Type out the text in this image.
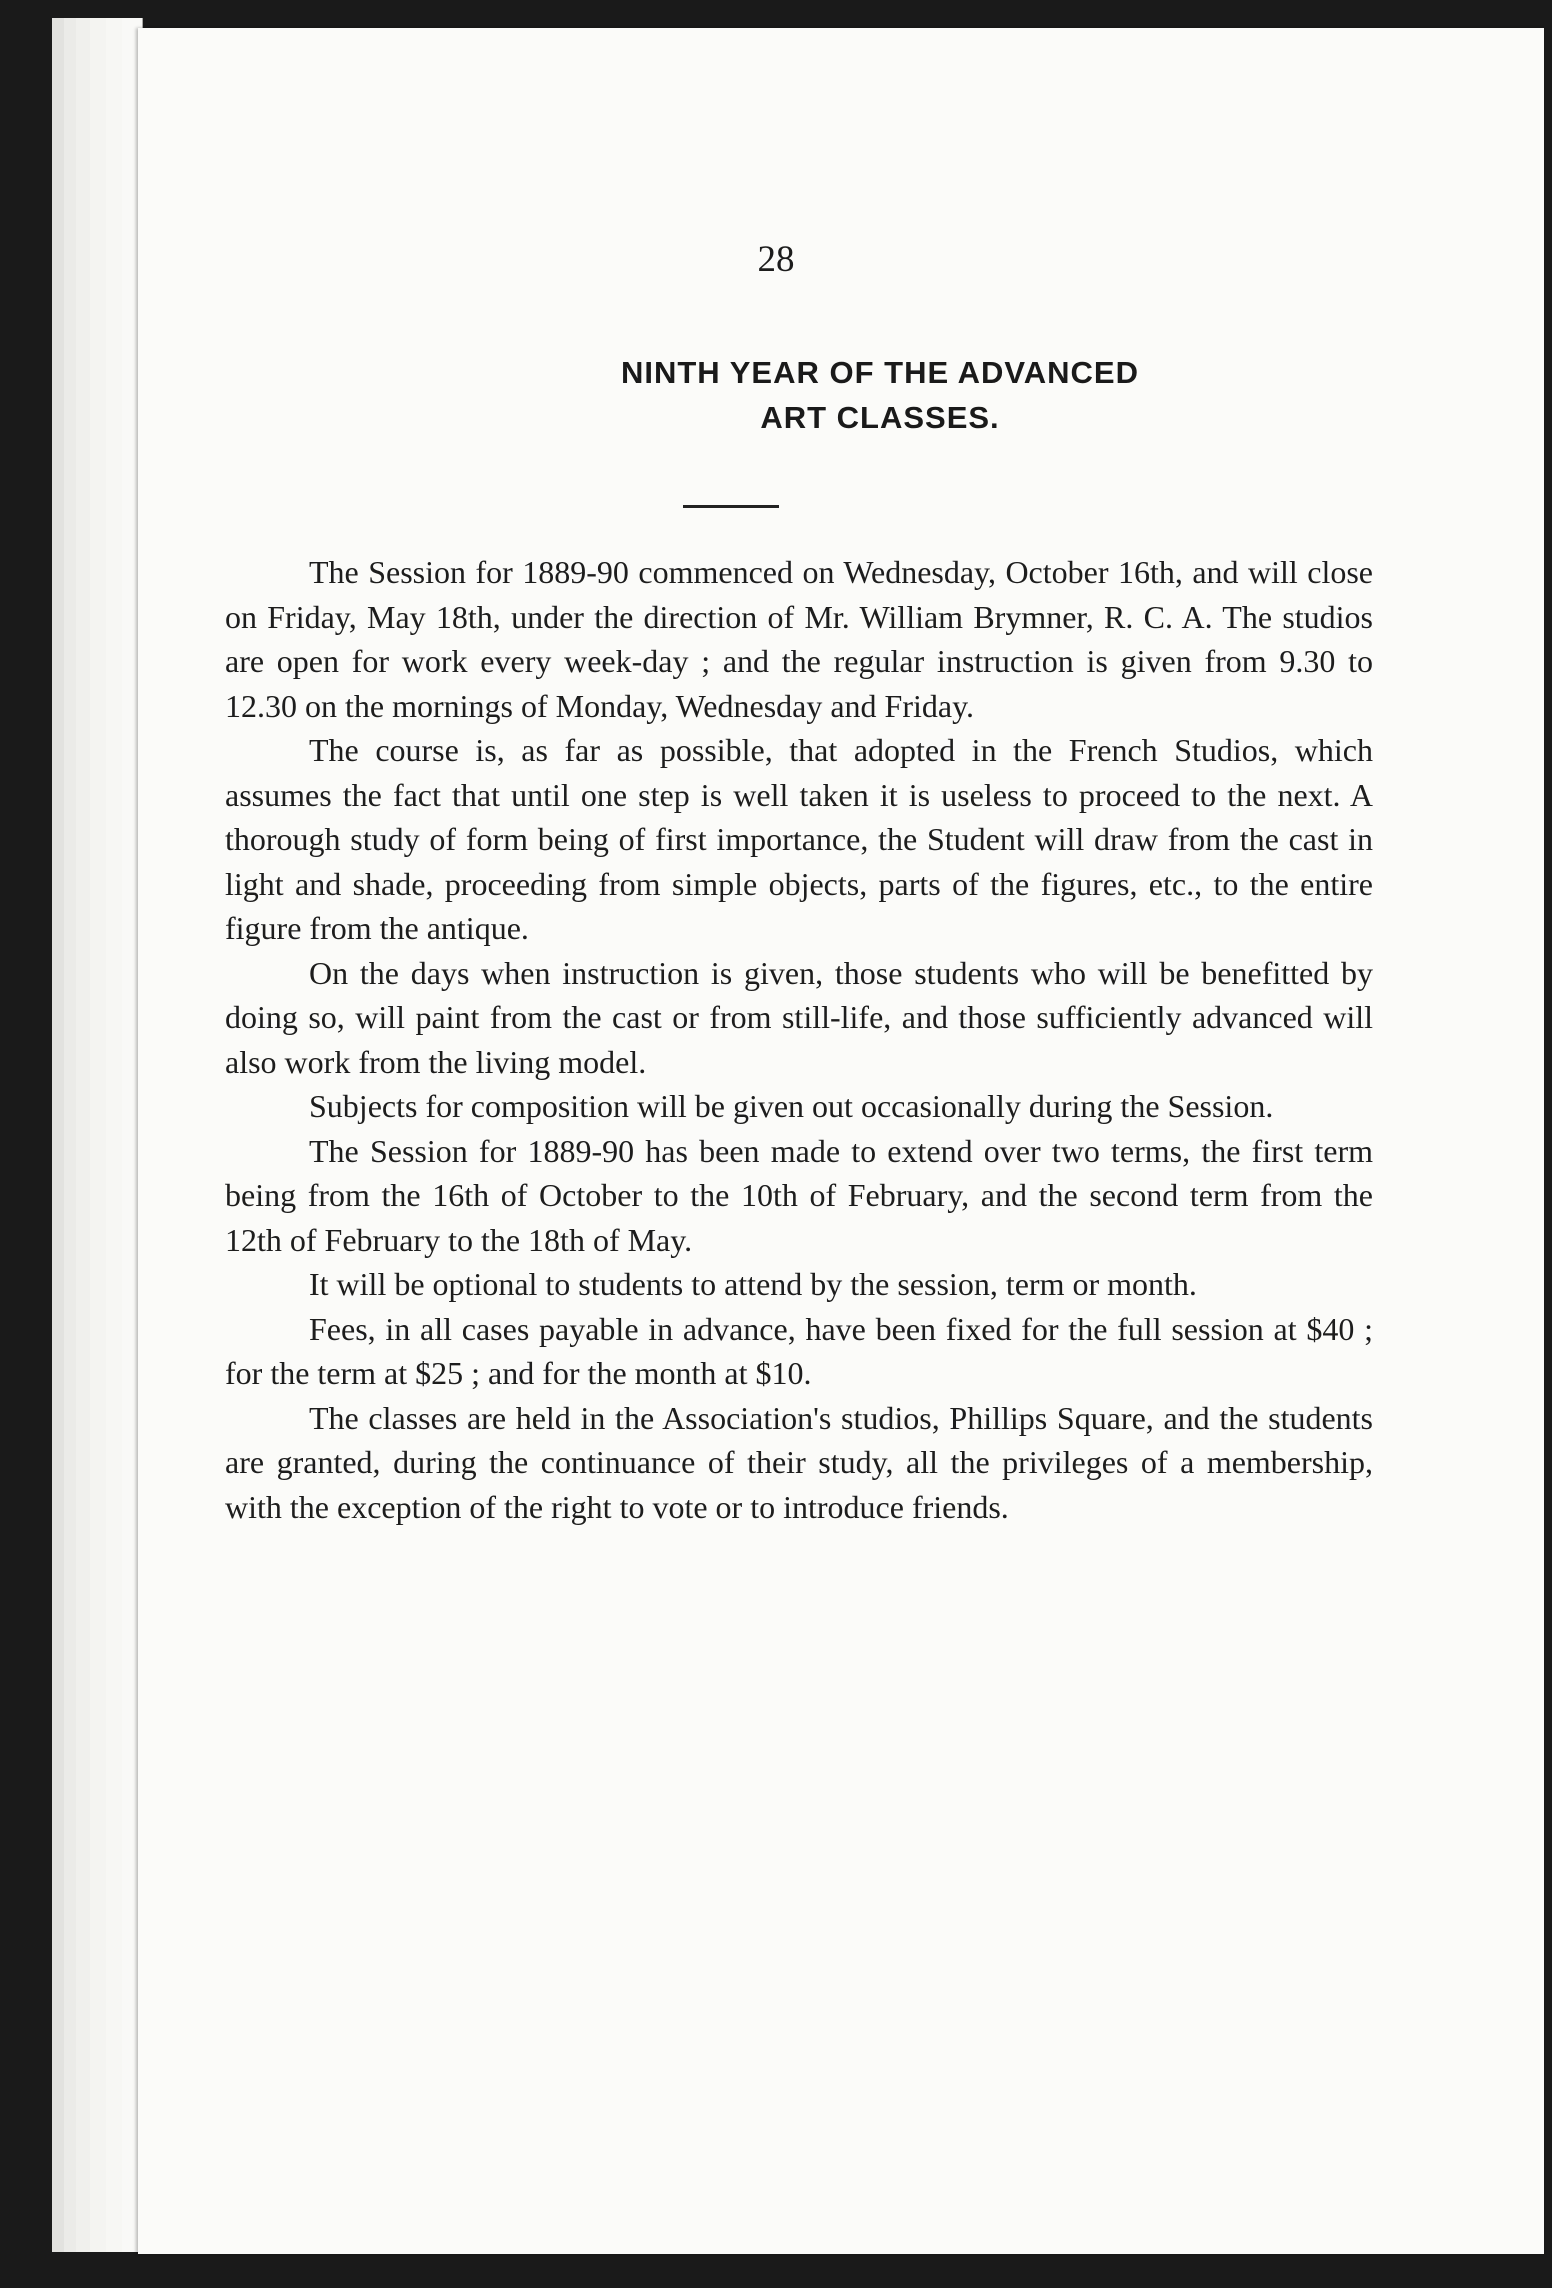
28
NINTH YEAR OF THE ADVANCED
ART CLASSES.

The Session for 1889-90 commenced on Wednesday, October 16th, and will close on Friday, May 18th, under the direction of Mr. William Brymner, R. C. A. The studios are open for work every week-day ; and the regular instruction is given from 9.30 to 12.30 on the mornings of Monday, Wednesday and Friday.

The course is, as far as possible, that adopted in the French Studios, which assumes the fact that until one step is well taken it is useless to proceed to the next. A thorough study of form being of first importance, the Student will draw from the cast in light and shade, proceeding from simple objects, parts of the figures, etc., to the entire figure from the antique.

On the days when instruction is given, those students who will be benefitted by doing so, will paint from the cast or from still-life, and those sufficiently advanced will also work from the living model.

Subjects for composition will be given out occasionally during the Session.

The Session for 1889-90 has been made to extend over two terms, the first term being from the 16th of October to the 10th of February, and the second term from the 12th of February to the 18th of May.

It will be optional to students to attend by the session, term or month.

Fees, in all cases payable in advance, have been fixed for the full session at $40 ; for the term at $25 ; and for the month at $10.

The classes are held in the Association's studios, Phillips Square, and the students are granted, during the continuance of their study, all the privileges of a membership, with the exception of the right to vote or to introduce friends.
